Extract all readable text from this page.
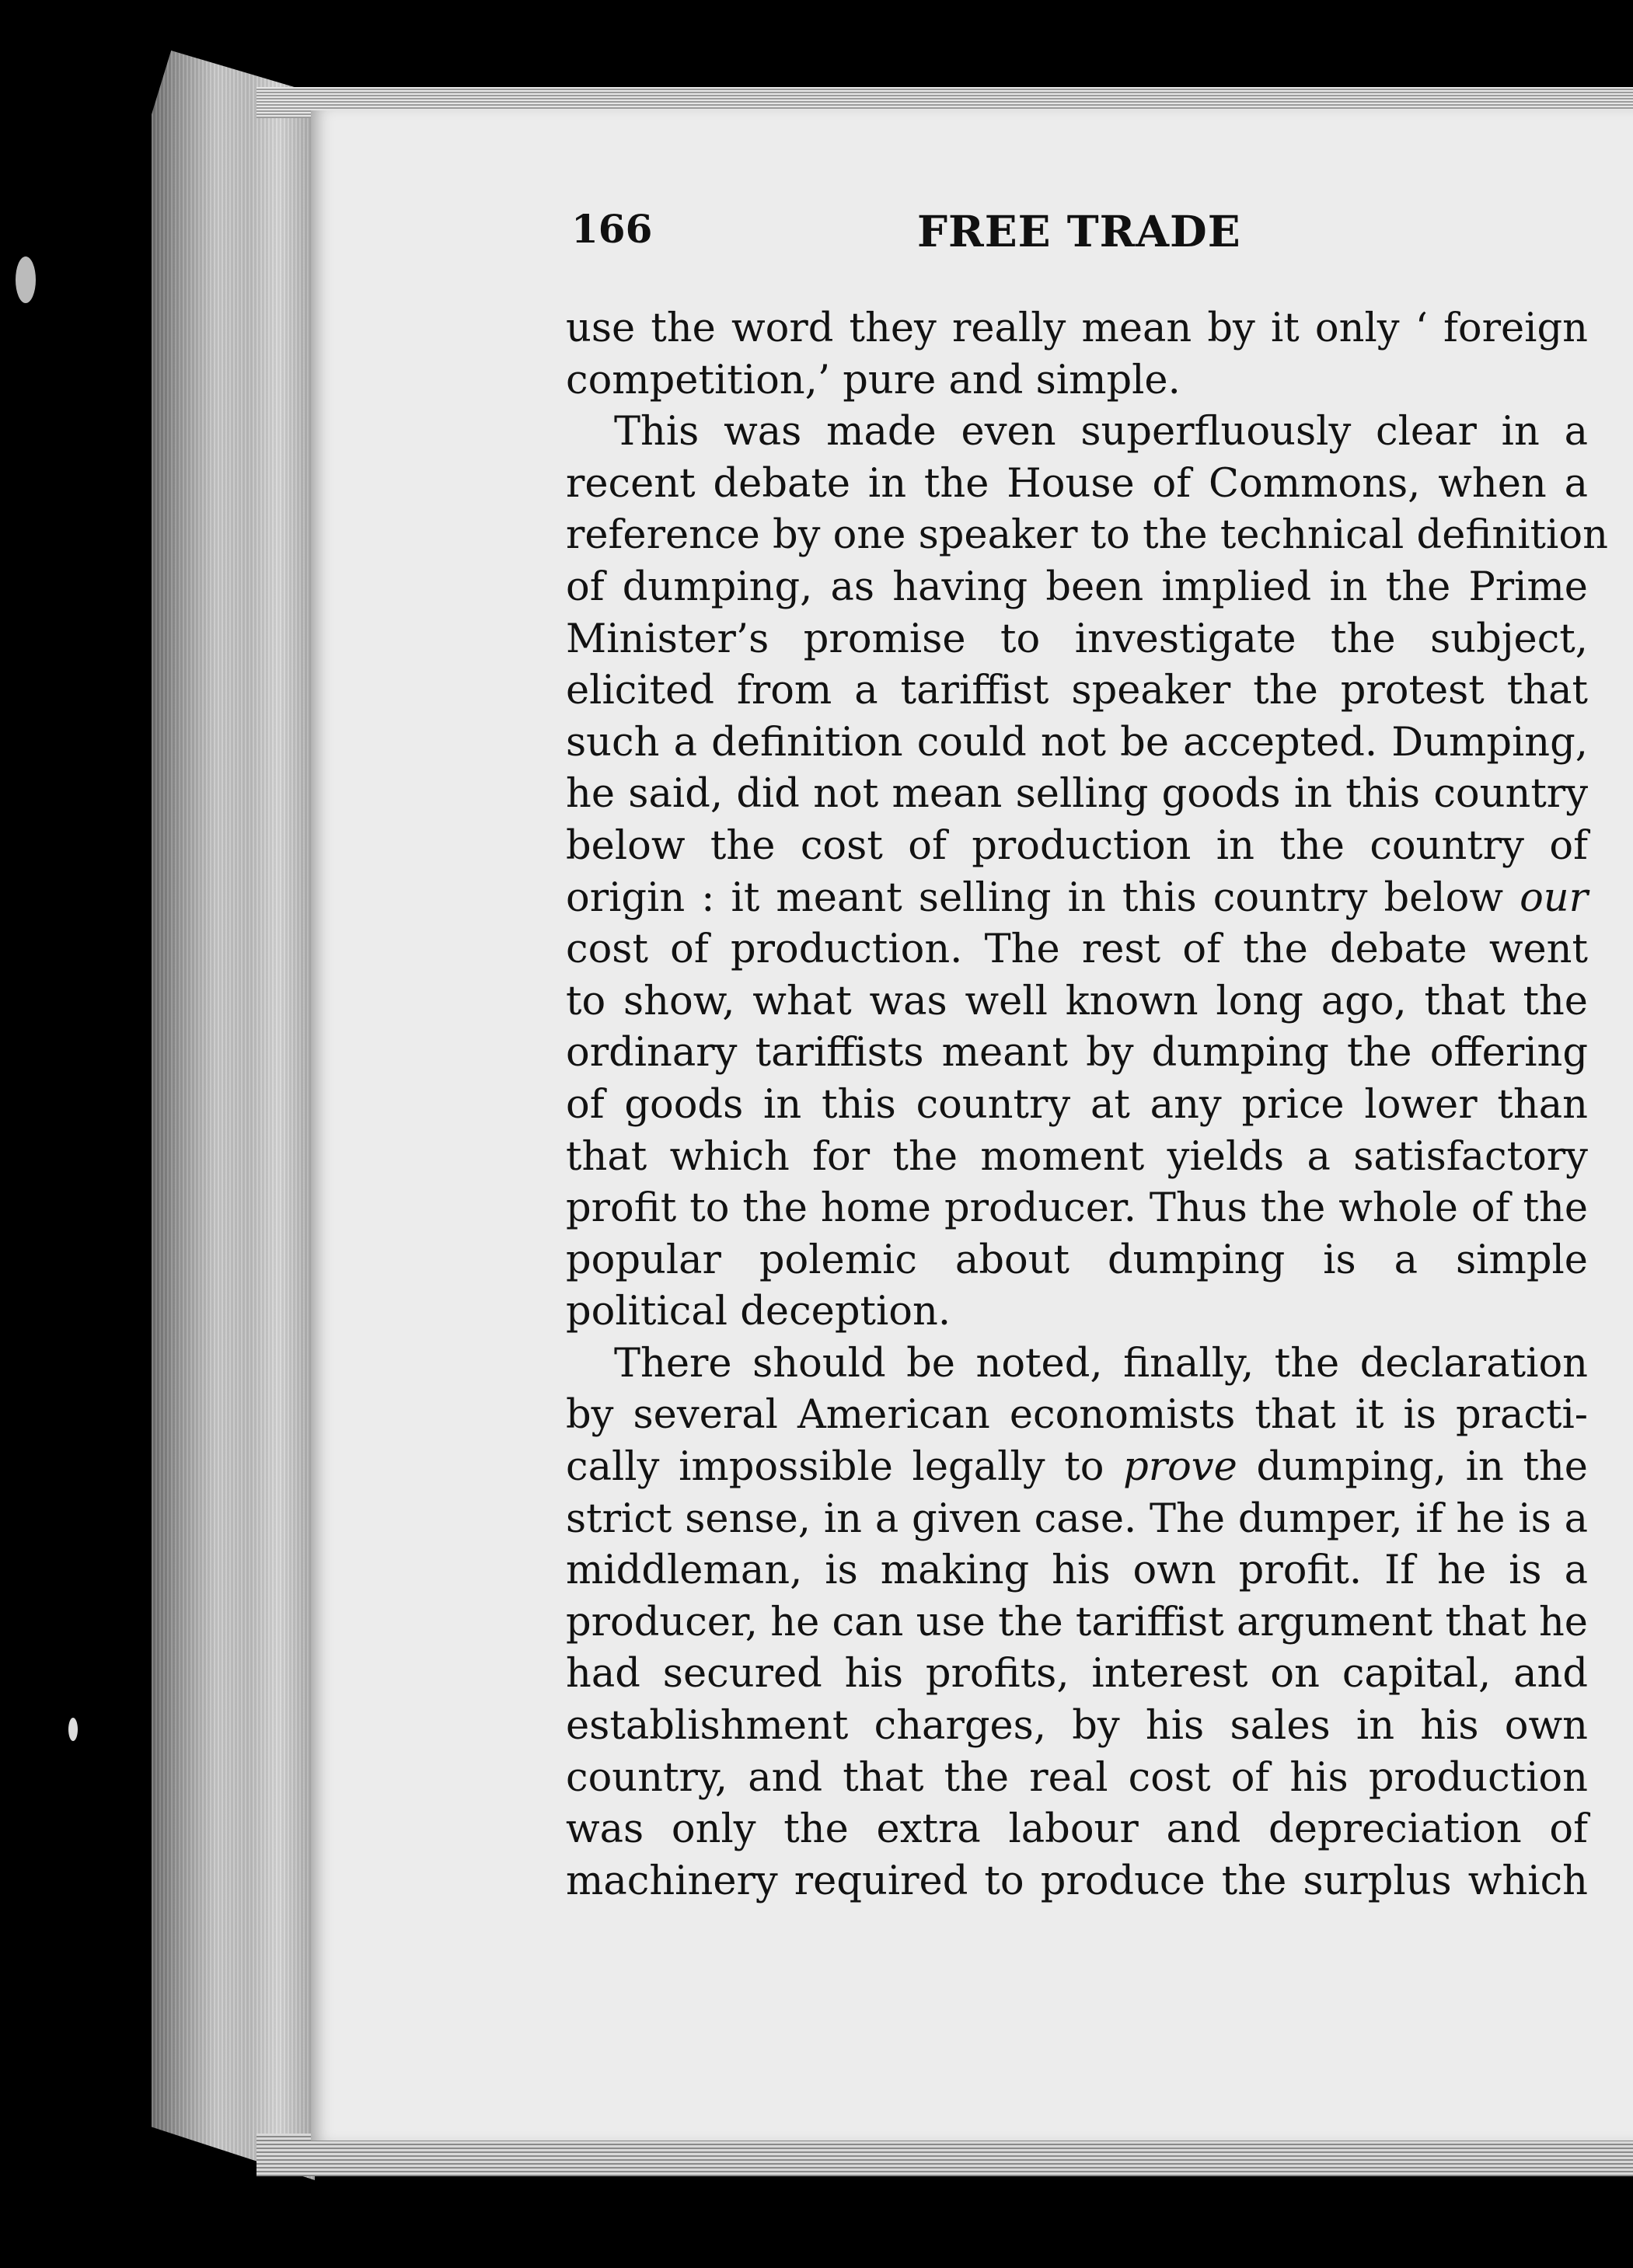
166	FREE TRADE
use the word they really mean by it only ‘ foreign
competition,’ pure and simple.
This was made even superfluously clear in a
recent debate in the House of Commons, when a
reference by one speaker to the technical definition
of dumping, as having been implied in the Prime
Minister’s promise to investigate the subject,
elicited from a tariffist speaker the protest that
such a definition could not be accepted. Dumping,
he said, did not mean selling goods in this country
below the cost of production in the country of
origin : it meant selling in this country below our
cost of production. The rest of the debate went
to show, what was well known long ago, that the
ordinary tariffists meant by dumping the offering
of goods in this country at any price lower than
that which for the moment yields a satisfactory
profit to the home producer. Thus the whole of the
popular polemic about dumping is a simple
political deception.
There should be noted, finally, the declaration
by several American economists that it is practi-
cally impossible legally to prove dumping, in the
strict sense, in a given case. The dumper, if he is a
middleman, is making his own profit. If he is a
producer, he can use the tariffist argument that he
had secured his profits, interest on capital, and
establishment charges, by his sales in his own
country, and that the real cost of his production
was only the extra labour and depreciation of
machinery required to produce the surplus which
